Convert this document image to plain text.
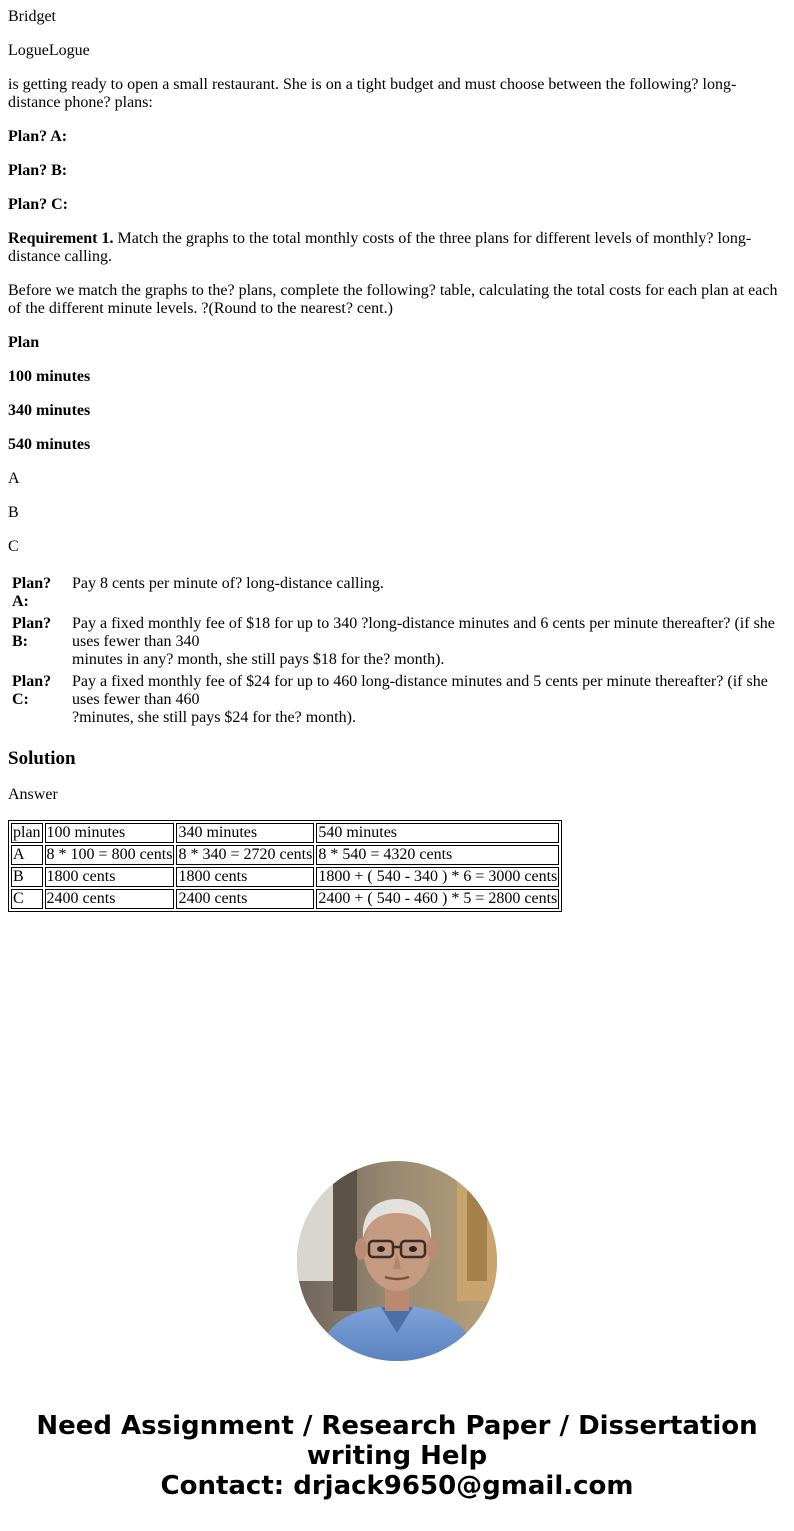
Bridget

LogueLogue

is getting ready to open a small restaurant. She is on a tight budget and must choose between the following? long-distance phone? plans:

Plan? A:

Plan? B:

Plan? C:

Requirement 1. Match the graphs to the total monthly costs of the three plans for different levels of monthly? long-distance calling.

Before we match the graphs to the? plans, complete the following? table, calculating the total costs for each plan at each of the different minute levels. ?(Round to the nearest? cent.)

Plan

100 minutes

340 minutes

540 minutes

A

B

C

Plan? A:	Pay 8 cents per minute of? long-distance calling.
Plan? B:	Pay a fixed monthly fee of $18 for up to 340 ?long-distance minutes and 6 cents per minute thereafter? (if she uses fewer than 340
minutes in any? month, she still pays $18 for the? month).
Plan? C:	Pay a fixed monthly fee of $24 for up to 460 long-distance minutes and 5 cents per minute thereafter? (if she uses fewer than 460
?minutes, she still pays $24 for the? month).
Solution

Answer

plan	100 minutes	340 minutes	540 minutes
A	8 * 100 = 800 cents	8 * 340 = 2720 cents	8 * 540 = 4320 cents
B	1800 cents	1800 cents	1800 + ( 540 - 340 ) * 6 = 3000 cents
C	2400 cents	2400 cents	2400 + ( 540 - 460 ) * 5 = 2800 cents
Need Assignment / Research Paper / Dissertation
writing Help
Contact: drjack9650@gmail.com
